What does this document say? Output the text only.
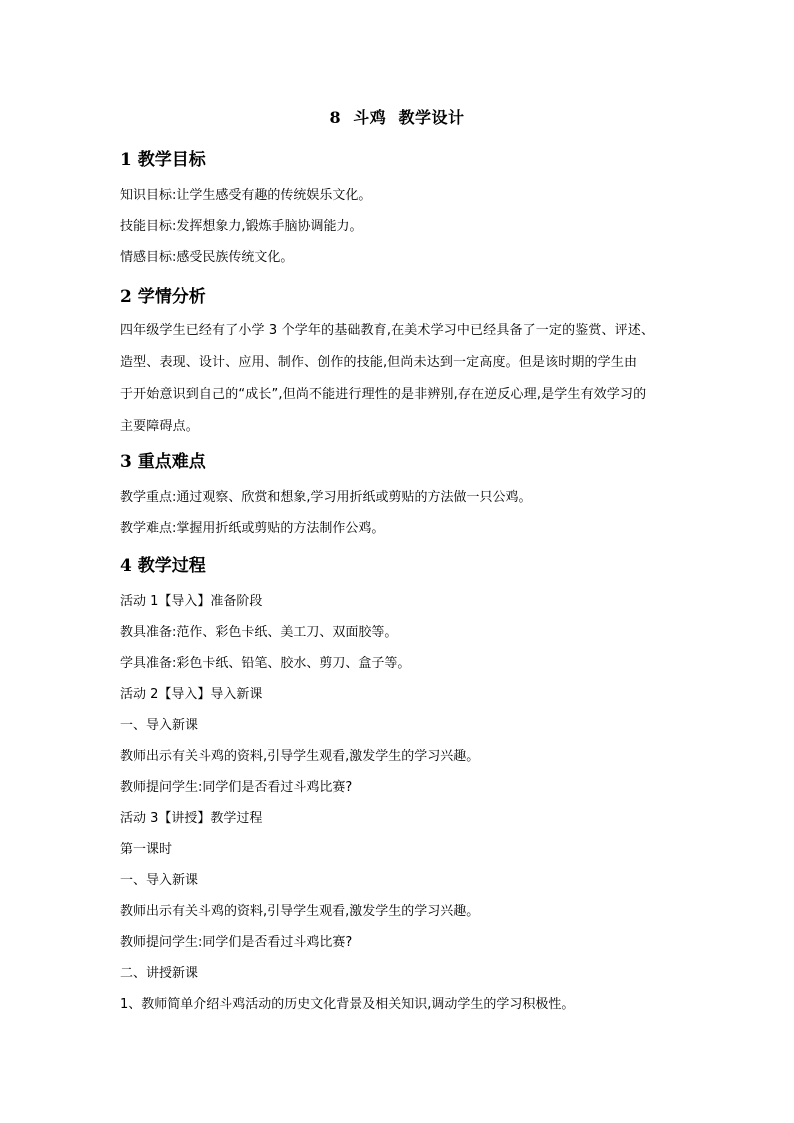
8  斗鸡  教学设计
1 教学目标

知识目标:让学生感受有趣的传统娱乐文化。

技能目标:发挥想象力,锻炼手脑协调能力。

情感目标:感受民族传统文化。

2 学情分析
四年级学生已经有了小学 3 个学年的基础教育,在美术学习中已经具备了一定的鉴赏、评述、
造型、表现、设计、应用、制作、创作的技能,但尚未达到一定高度。但是该时期的学生由
于开始意识到自己的“成长”,但尚不能进行理性的是非辨别,存在逆反心理,是学生有效学习的
主要障碍点。
3 重点难点

教学重点:通过观察、欣赏和想象,学习用折纸或剪贴的方法做一只公鸡。

教学难点:掌握用折纸或剪贴的方法制作公鸡。

4 教学过程

活动 1【导入】准备阶段

教具准备:范作、彩色卡纸、美工刀、双面胶等。

学具准备:彩色卡纸、铅笔、胶水、剪刀、盒子等。

活动 2【导入】导入新课

一、导入新课

教师出示有关斗鸡的资料,引导学生观看,激发学生的学习兴趣。

教师提问学生:同学们是否看过斗鸡比赛?

活动 3【讲授】教学过程

第一课时

一、导入新课

教师出示有关斗鸡的资料,引导学生观看,激发学生的学习兴趣。

教师提问学生:同学们是否看过斗鸡比赛?

二、讲授新课

1、教师简单介绍斗鸡活动的历史文化背景及相关知识,调动学生的学习积极性。
